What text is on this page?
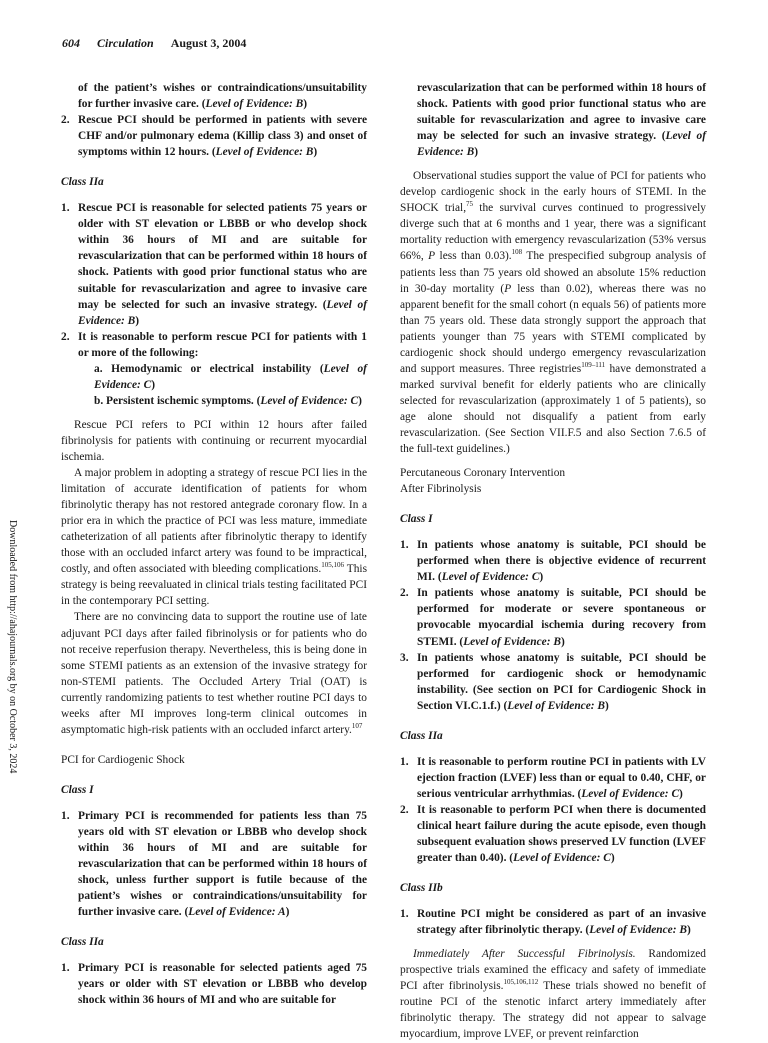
604 Circulation August 3, 2004
Downloaded from http://ahajournals.org by on October 3, 2024
of the patient’s wishes or contraindications/unsuitability for further invasive care. (Level of Evidence: B)
2. Rescue PCI should be performed in patients with severe CHF and/or pulmonary edema (Killip class 3) and onset of symptoms within 12 hours. (Level of Evidence: B)
Class IIa
1. Rescue PCI is reasonable for selected patients 75 years or older with ST elevation or LBBB or who develop shock within 36 hours of MI and are suitable for revascularization that can be performed within 18 hours of shock. Patients with good prior functional status who are suitable for revascularization and agree to invasive care may be selected for such an invasive strategy. (Level of Evidence: B)
2. It is reasonable to perform rescue PCI for patients with 1 or more of the following:
a. Hemodynamic or electrical instability (Level of Evidence: C)
b. Persistent ischemic symptoms. (Level of Evidence: C)

Rescue PCI refers to PCI within 12 hours after failed fibrinolysis for patients with continuing or recurrent myocardial ischemia.

A major problem in adopting a strategy of rescue PCI lies in the limitation of accurate identification of patients for whom fibrinolytic therapy has not restored antegrade coronary flow. In a prior era in which the practice of PCI was less mature, immediate catheterization of all patients after fibrinolytic therapy to identify those with an occluded infarct artery was found to be impractical, costly, and often associated with bleeding complications.$^{105,106}$ This strategy is being reevaluated in clinical trials testing facilitated PCI in the contemporary PCI setting.

There are no convincing data to support the routine use of late adjuvant PCI days after failed fibrinolysis or for patients who do not receive reperfusion therapy. Nevertheless, this is being done in some STEMI patients as an extension of the invasive strategy for non-STEMI patients. The Occluded Artery Trial (OAT) is currently randomizing patients to test whether routine PCI days to weeks after MI improves long-term clinical outcomes in asymptomatic high-risk patients with an occluded infarct artery.$^{107}$

PCI for Cardiogenic Shock

Class I
1. Primary PCI is recommended for patients less than 75 years old with ST elevation or LBBB who develop shock within 36 hours of MI and are suitable for revascularization that can be performed within 18 hours of shock, unless further support is futile because of the patient’s wishes or contraindications/unsuitability for further invasive care. (Level of Evidence: A)
Class IIa
1. Primary PCI is reasonable for selected patients aged 75 years or older with ST elevation or LBBB who develop shock within 36 hours of MI and who are suitable for
revascularization that can be performed within 18 hours of shock. Patients with good prior functional status who are suitable for revascularization and agree to invasive care may be selected for such an invasive strategy. (Level of Evidence: B)

Observational studies support the value of PCI for patients who develop cardiogenic shock in the early hours of STEMI. In the SHOCK trial,$^{75}$ the survival curves continued to progressively diverge such that at 6 months and 1 year, there was a significant mortality reduction with emergency revascularization (53% versus 66%, P less than 0.03).$^{108}$ The prespecified subgroup analysis of patients less than 75 years old showed an absolute 15% reduction in 30-day mortality (P less than 0.02), whereas there was no apparent benefit for the small cohort (n equals 56) of patients more than 75 years old. These data strongly support the approach that patients younger than 75 years with STEMI complicated by cardiogenic shock should undergo emergency revascularization and support measures. Three registries$^{109-111}$ have demonstrated a marked survival benefit for elderly patients who are clinically selected for revascularization (approximately 1 of 5 patients), so age alone should not disqualify a patient from early revascularization. (See Section VII.F.5 and also Section 7.6.5 of the full-text guidelines.)

Percutaneous Coronary Intervention
After Fibrinolysis
Class I
1. In patients whose anatomy is suitable, PCI should be performed when there is objective evidence of recurrent MI. (Level of Evidence: C)
2. In patients whose anatomy is suitable, PCI should be performed for moderate or severe spontaneous or provocable myocardial ischemia during recovery from STEMI. (Level of Evidence: B)
3. In patients whose anatomy is suitable, PCI should be performed for cardiogenic shock or hemodynamic instability. (See section on PCI for Cardiogenic Shock in Section VI.C.1.f.) (Level of Evidence: B)
Class IIa
1. It is reasonable to perform routine PCI in patients with LV ejection fraction (LVEF) less than or equal to 0.40, CHF, or serious ventricular arrhythmias. (Level of Evidence: C)
2. It is reasonable to perform PCI when there is documented clinical heart failure during the acute episode, even though subsequent evaluation shows preserved LV function (LVEF greater than 0.40). (Level of Evidence: C)
Class IIb
1. Routine PCI might be considered as part of an invasive strategy after fibrinolytic therapy. (Level of Evidence: B)

Immediately After Successful Fibrinolysis. Randomized prospective trials examined the efficacy and safety of immediate PCI after fibrinolysis.$^{105,106,112}$ These trials showed no benefit of routine PCI of the stenotic infarct artery immediately after fibrinolytic therapy. The strategy did not appear to salvage myocardium, improve LVEF, or prevent reinfarction
